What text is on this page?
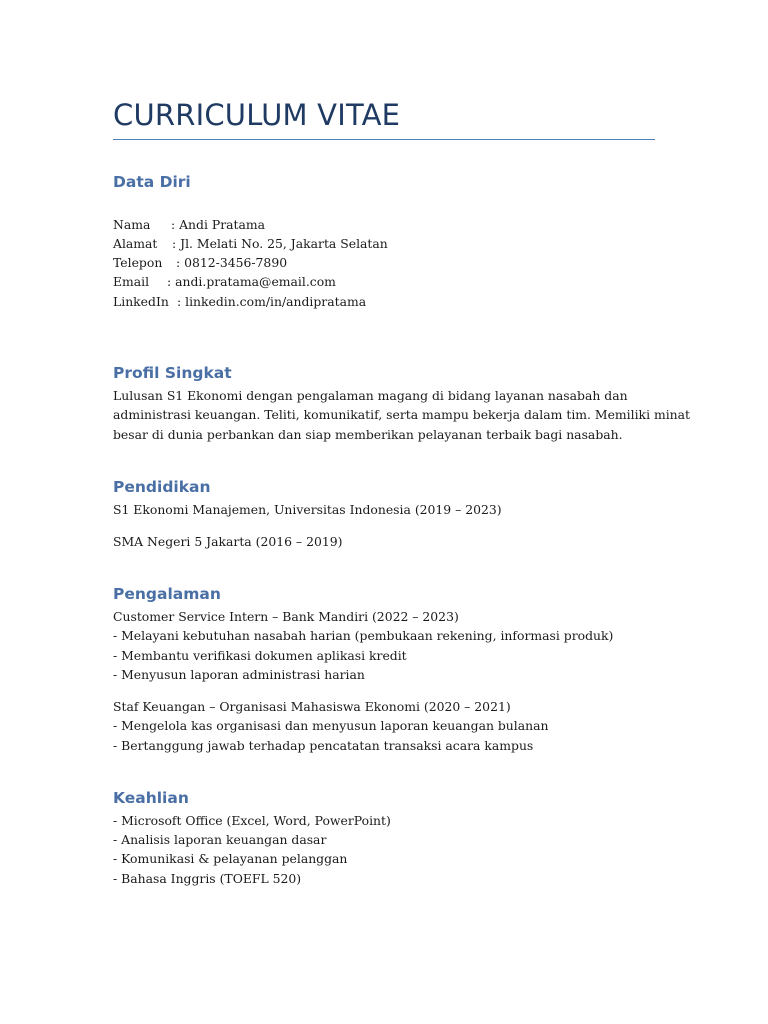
CURRICULUM VITAE
Data Diri
Nama : Andi Pratama
Alamat : Jl. Melati No. 25, Jakarta Selatan
Telepon : 0812-3456-7890
Email : andi.pratama@email.com
LinkedIn : linkedin.com/in/andipratama
Profil Singkat
Lulusan S1 Ekonomi dengan pengalaman magang di bidang layanan nasabah dan
administrasi keuangan. Teliti, komunikatif, serta mampu bekerja dalam tim. Memiliki minat
besar di dunia perbankan dan siap memberikan pelayanan terbaik bagi nasabah.
Pendidikan
S1 Ekonomi Manajemen, Universitas Indonesia (2019 – 2023)
SMA Negeri 5 Jakarta (2016 – 2019)
Pengalaman
Customer Service Intern – Bank Mandiri (2022 – 2023)
- Melayani kebutuhan nasabah harian (pembukaan rekening, informasi produk)
- Membantu verifikasi dokumen aplikasi kredit
- Menyusun laporan administrasi harian
Staf Keuangan – Organisasi Mahasiswa Ekonomi (2020 – 2021)
- Mengelola kas organisasi dan menyusun laporan keuangan bulanan
- Bertanggung jawab terhadap pencatatan transaksi acara kampus
Keahlian
- Microsoft Office (Excel, Word, PowerPoint)
- Analisis laporan keuangan dasar
- Komunikasi & pelayanan pelanggan
- Bahasa Inggris (TOEFL 520)
